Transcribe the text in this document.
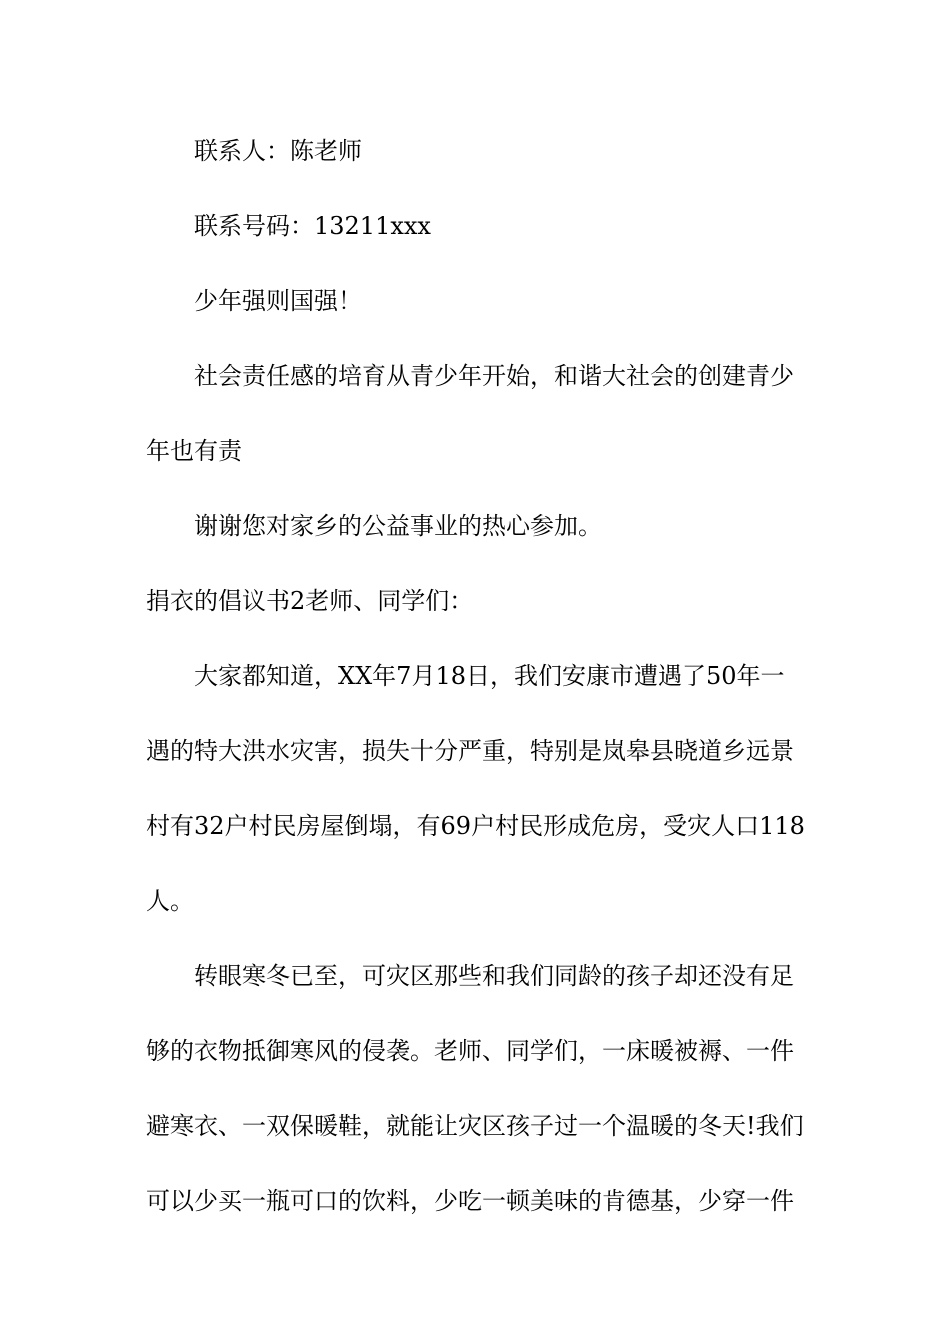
联系人：陈老师
联系号码：13211xxx
少年强则国强！
社会责任感的培育从青少年开始，和谐大社会的创建青少
年也有责
谢谢您对家乡的公益事业的热心参加。
捐衣的倡议书2老师、同学们：
大家都知道，XX年7月18日，我们安康市遭遇了50年一
遇的特大洪水灾害，损失十分严重，特别是岚皋县晓道乡远景
村有32户村民房屋倒塌，有69户村民形成危房，受灾人口118
人。
转眼寒冬已至，可灾区那些和我们同龄的孩子却还没有足
够的衣物抵御寒风的侵袭。老师、同学们，一床暖被褥、一件
避寒衣、一双保暖鞋，就能让灾区孩子过一个温暖的冬天!我们
可以少买一瓶可口的饮料，少吃一顿美味的肯德基，少穿一件
